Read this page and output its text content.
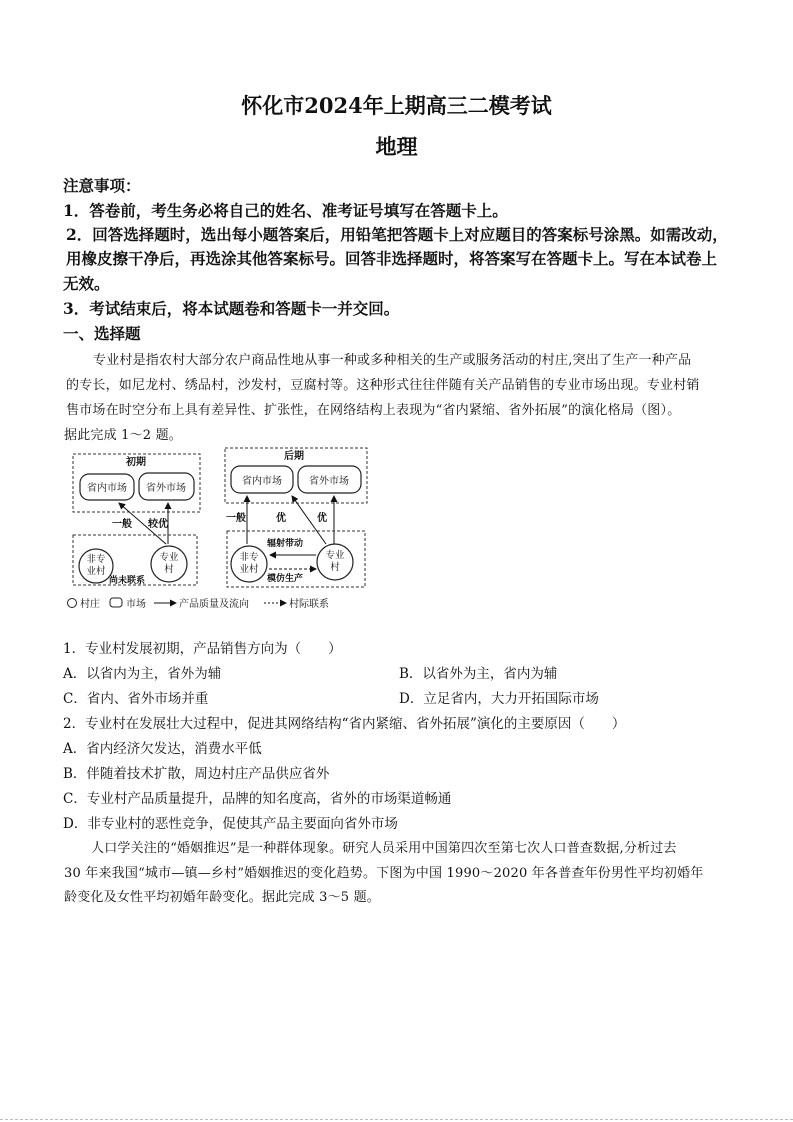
怀化市2024年上期高三二模考试
地理
注意事项：
1．答卷前，考生务必将自己的姓名、准考证号填写在答题卡上。
2．回答选择题时，选出每小题答案后，用铅笔把答题卡上对应题目的答案标号涂黑。如需改动，
用橡皮擦干净后，再选涂其他答案标号。回答非选择题时，将答案写在答题卡上。写在本试卷上
无效。
3．考试结束后，将本试题卷和答题卡一并交回。
一、选择题
专业村是指农村大部分农户商品性地从事一种或多种相关的生产或服务活动的村庄,突出了生产一种产品
的专长，如尼龙村、绣品村，沙发村，豆腐村等。这种形式往往伴随有关产品销售的专业市场出现。专业村销
售市场在时空分布上具有差异性、扩张性，在网络结构上表现为“省内紧缩、省外拓展”的演化格局（图）。
据此完成 1～2 题。
初期
省内市场 省外市场
一般 较优
非专
业村
专业
村
尚未联系
后期
省内市场	省外市场
一般	优	优
非专
业村
专业
村
辐射带动
模仿生产
村庄	市场	产品质量及流向	村际联系
1．专业村发展初期，产品销售方向为（　　）
A．以省内为主，省外为辅	B．以省外为主，省内为辅
C．省内、省外市场并重	D．立足省内，大力开拓国际市场
2．专业村在发展壮大过程中，促进其网络结构“省内紧缩、省外拓展”演化的主要原因（　　）
A．省内经济欠发达，消费水平低
B．伴随着技术扩散，周边村庄产品供应省外
C．专业村产品质量提升，品牌的知名度高，省外的市场渠道畅通
D．非专业村的恶性竞争，促使其产品主要面向省外市场
人口学关注的“婚姻推迟”是一种群体现象。研究人员采用中国第四次至第七次人口普查数据,分析过去
30 年来我国“城市—镇—乡村”婚姻推迟的变化趋势。下图为中国 1990～2020 年各普查年份男性平均初婚年
龄变化及女性平均初婚年龄变化。据此完成 3～5 题。
